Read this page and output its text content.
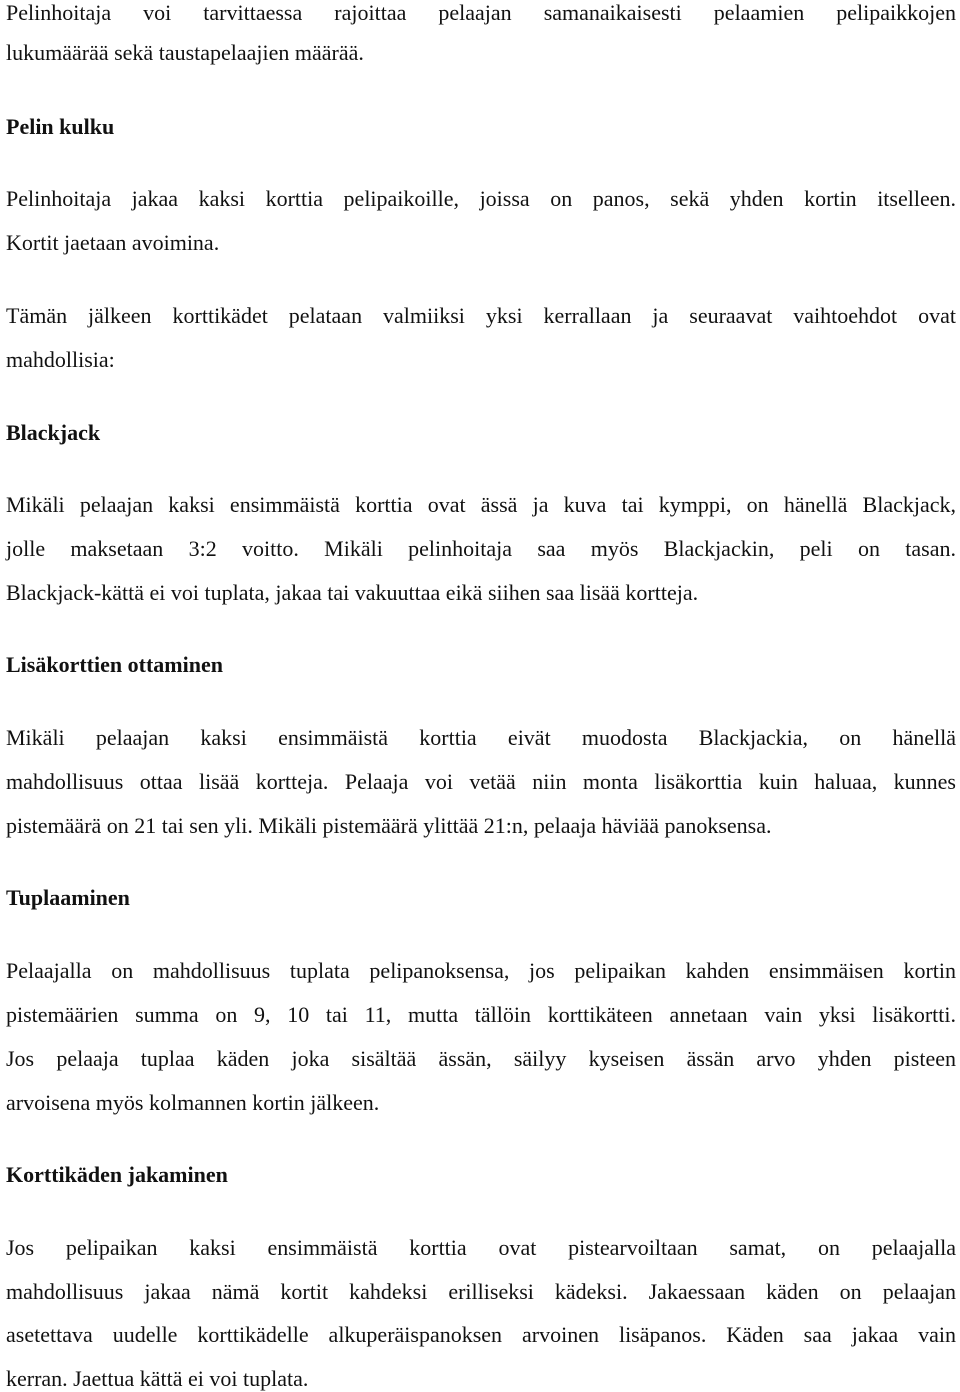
Pelinhoitaja voi tarvittaessa rajoittaa pelaajan samanaikaisesti pelaamien pelipaikkojen
lukumäärää sekä taustapelaajien määrää.
Pelin kulku
Pelinhoitaja jakaa kaksi korttia pelipaikoille, joissa on panos, sekä yhden kortin itselleen.
Kortit jaetaan avoimina.
Tämän jälkeen korttikädet pelataan valmiiksi yksi kerrallaan ja seuraavat vaihtoehdot ovat
mahdollisia:
Blackjack
Mikäli pelaajan kaksi ensimmäistä korttia ovat ässä ja kuva tai kymppi, on hänellä Blackjack,
jolle maksetaan 3:2 voitto. Mikäli pelinhoitaja saa myös Blackjackin, peli on tasan.
Blackjack-kättä ei voi tuplata, jakaa tai vakuuttaa eikä siihen saa lisää kortteja.
Lisäkorttien ottaminen
Mikäli pelaajan kaksi ensimmäistä korttia eivät muodosta Blackjackia, on hänellä
mahdollisuus ottaa lisää kortteja. Pelaaja voi vetää niin monta lisäkorttia kuin haluaa, kunnes
pistemäärä on 21 tai sen yli. Mikäli pistemäärä ylittää 21:n, pelaaja häviää panoksensa.
Tuplaaminen
Pelaajalla on mahdollisuus tuplata pelipanoksensa, jos pelipaikan kahden ensimmäisen kortin
pistemäärien summa on 9, 10 tai 11, mutta tällöin korttikäteen annetaan vain yksi lisäkortti.
Jos pelaaja tuplaa käden joka sisältää ässän, säilyy kyseisen ässän arvo yhden pisteen
arvoisena myös kolmannen kortin jälkeen.
Korttikäden jakaminen
Jos pelipaikan kaksi ensimmäistä korttia ovat pistearvoiltaan samat, on pelaajalla
mahdollisuus jakaa nämä kortit kahdeksi erilliseksi kädeksi. Jakaessaan käden on pelaajan
asetettava uudelle korttikädelle alkuperäispanoksen arvoinen lisäpanos. Käden saa jakaa vain
kerran. Jaettua kättä ei voi tuplata.
